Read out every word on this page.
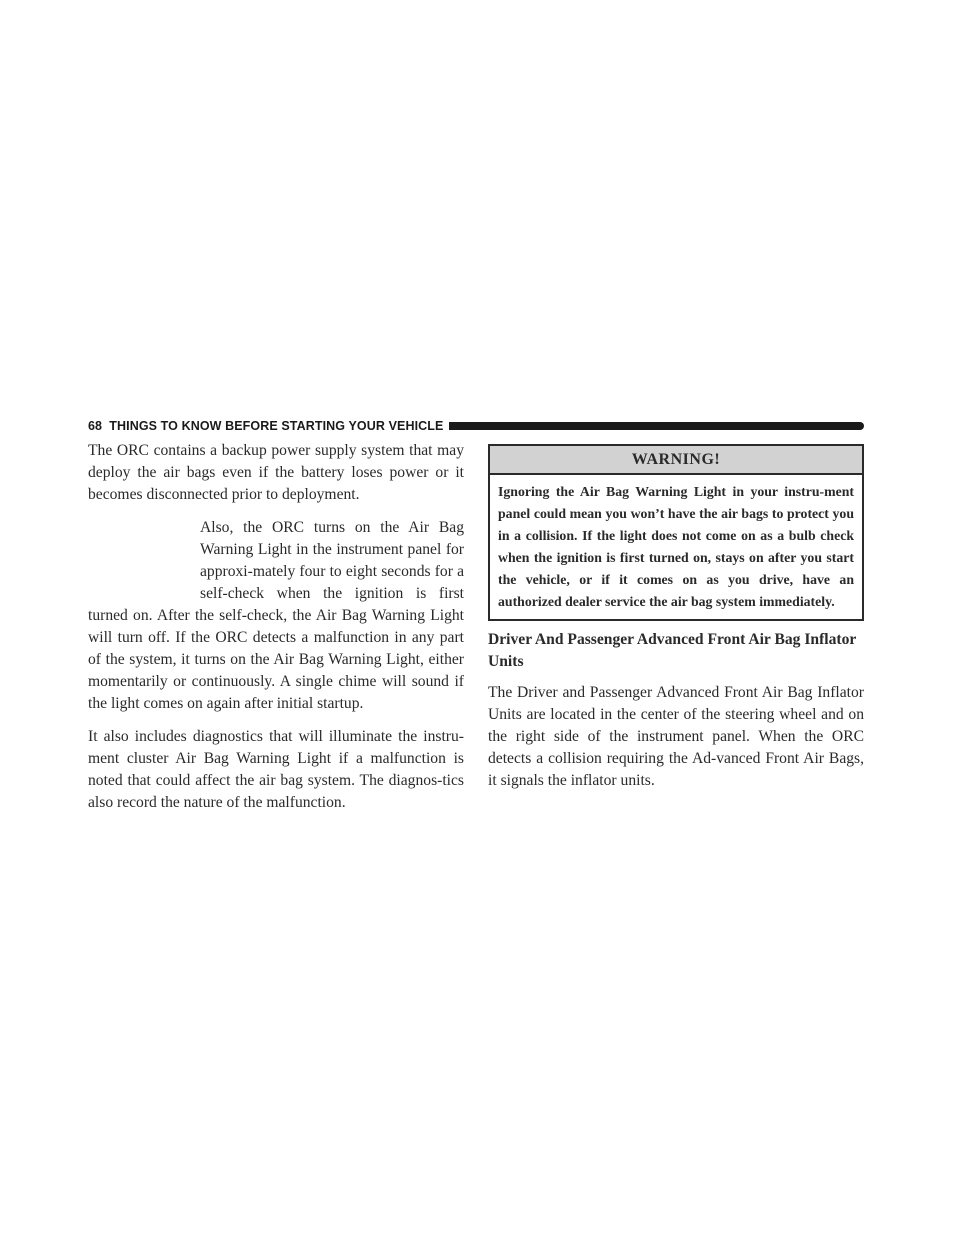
68 THINGS TO KNOW BEFORE STARTING YOUR VEHICLE

The ORC contains a backup power supply system that may deploy the air bags even if the battery loses power or it becomes disconnected prior to deployment.

Also, the ORC turns on the Air Bag Warning Light in the instrument panel for approxi-mately four to eight seconds for a self-check when the ignition is first turned on. After the self-check, the Air Bag Warning Light will turn off. If the ORC detects a malfunction in any part of the system, it turns on the Air Bag Warning Light, either momentarily or continuously. A single chime will sound if the light comes on again after initial startup.

It also includes diagnostics that will illuminate the instru-ment cluster Air Bag Warning Light if a malfunction is noted that could affect the air bag system. The diagnos-tics also record the nature of the malfunction.

WARNING!
Ignoring the Air Bag Warning Light in your instru-ment panel could mean you won’t have the air bags to protect you in a collision. If the light does not come on as a bulb check when the ignition is first turned on, stays on after you start the vehicle, or if it comes on as you drive, have an authorized dealer service the air bag system immediately.
Driver And Passenger Advanced Front Air Bag Inflator Units

The Driver and Passenger Advanced Front Air Bag Inflator Units are located in the center of the steering wheel and on the right side of the instrument panel. When the ORC detects a collision requiring the Ad-vanced Front Air Bags, it signals the inflator units.
